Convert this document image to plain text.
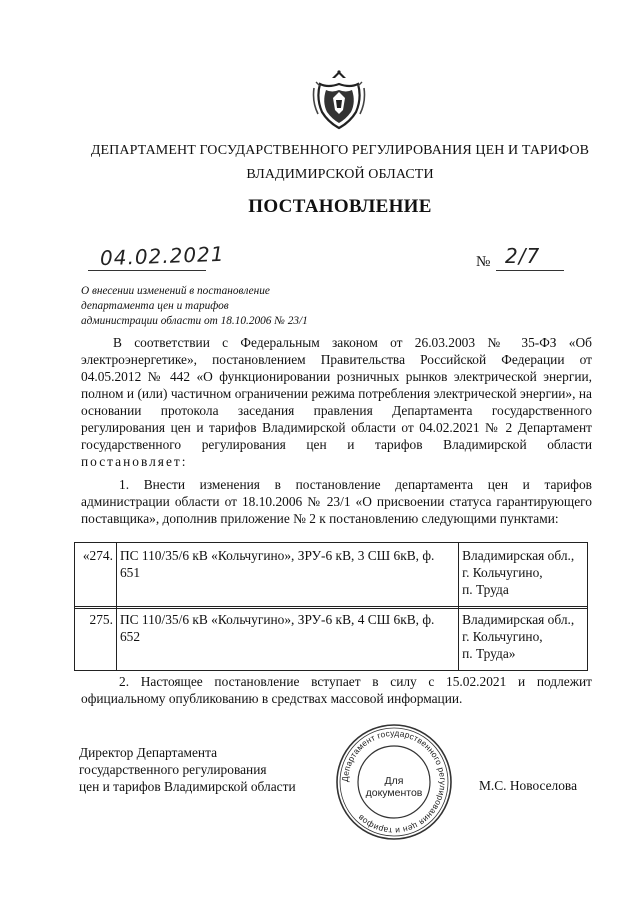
ДЕПАРТАМЕНТ ГОСУДАРСТВЕННОГО РЕГУЛИРОВАНИЯ ЦЕН И ТАРИФОВ
ВЛАДИМИРСКОЙ ОБЛАСТИ
ПОСТАНОВЛЕНИЕ
04.02.2021	№ 2/7
О внесении изменений в постановление
департамента цен и тарифов
администрации области от 18.10.2006 № 23/1
В соответствии с Федеральным законом от 26.03.2003 № 35-ФЗ «Об электроэнергетике», постановлением Правительства Российской Федерации от 04.05.2012 № 442 «О функционировании розничных рынков электрической энергии, полном и (или) частичном ограничении режима потребления электрической энергии», на основании протокола заседания правления Департамента государственного регулирования цен и тарифов Владимирской области от 04.02.2021 № 2 Департамент государственного регулирования цен и тарифов Владимирской области постановляет:
1. Внести изменения в постановление департамента цен и тарифов администрации области от 18.10.2006 № 23/1 «О присвоении статуса гарантирующего поставщика», дополнив приложение № 2 к постановлению следующими пунктами:
«274.	ПС 110/35/6 кВ «Кольчугино», ЗРУ-6 кВ, 3 СШ 6кВ, ф. 651	Владимирская обл.,
г. Кольчугино,
п. Труда

275.	ПС 110/35/6 кВ «Кольчугино», ЗРУ-6 кВ, 4 СШ 6кВ, ф. 652	Владимирская обл.,
г. Кольчугино,
п. Труда»
2. Настоящее постановление вступает в силу с 15.02.2021 и подлежит официальному опубликованию в средствах массовой информации.
Директор Департамента
государственного регулирования
цен и тарифов Владимирской области
Департамент государственного регулирования цен и тарифов
Для
документов	М.С. Новоселова
